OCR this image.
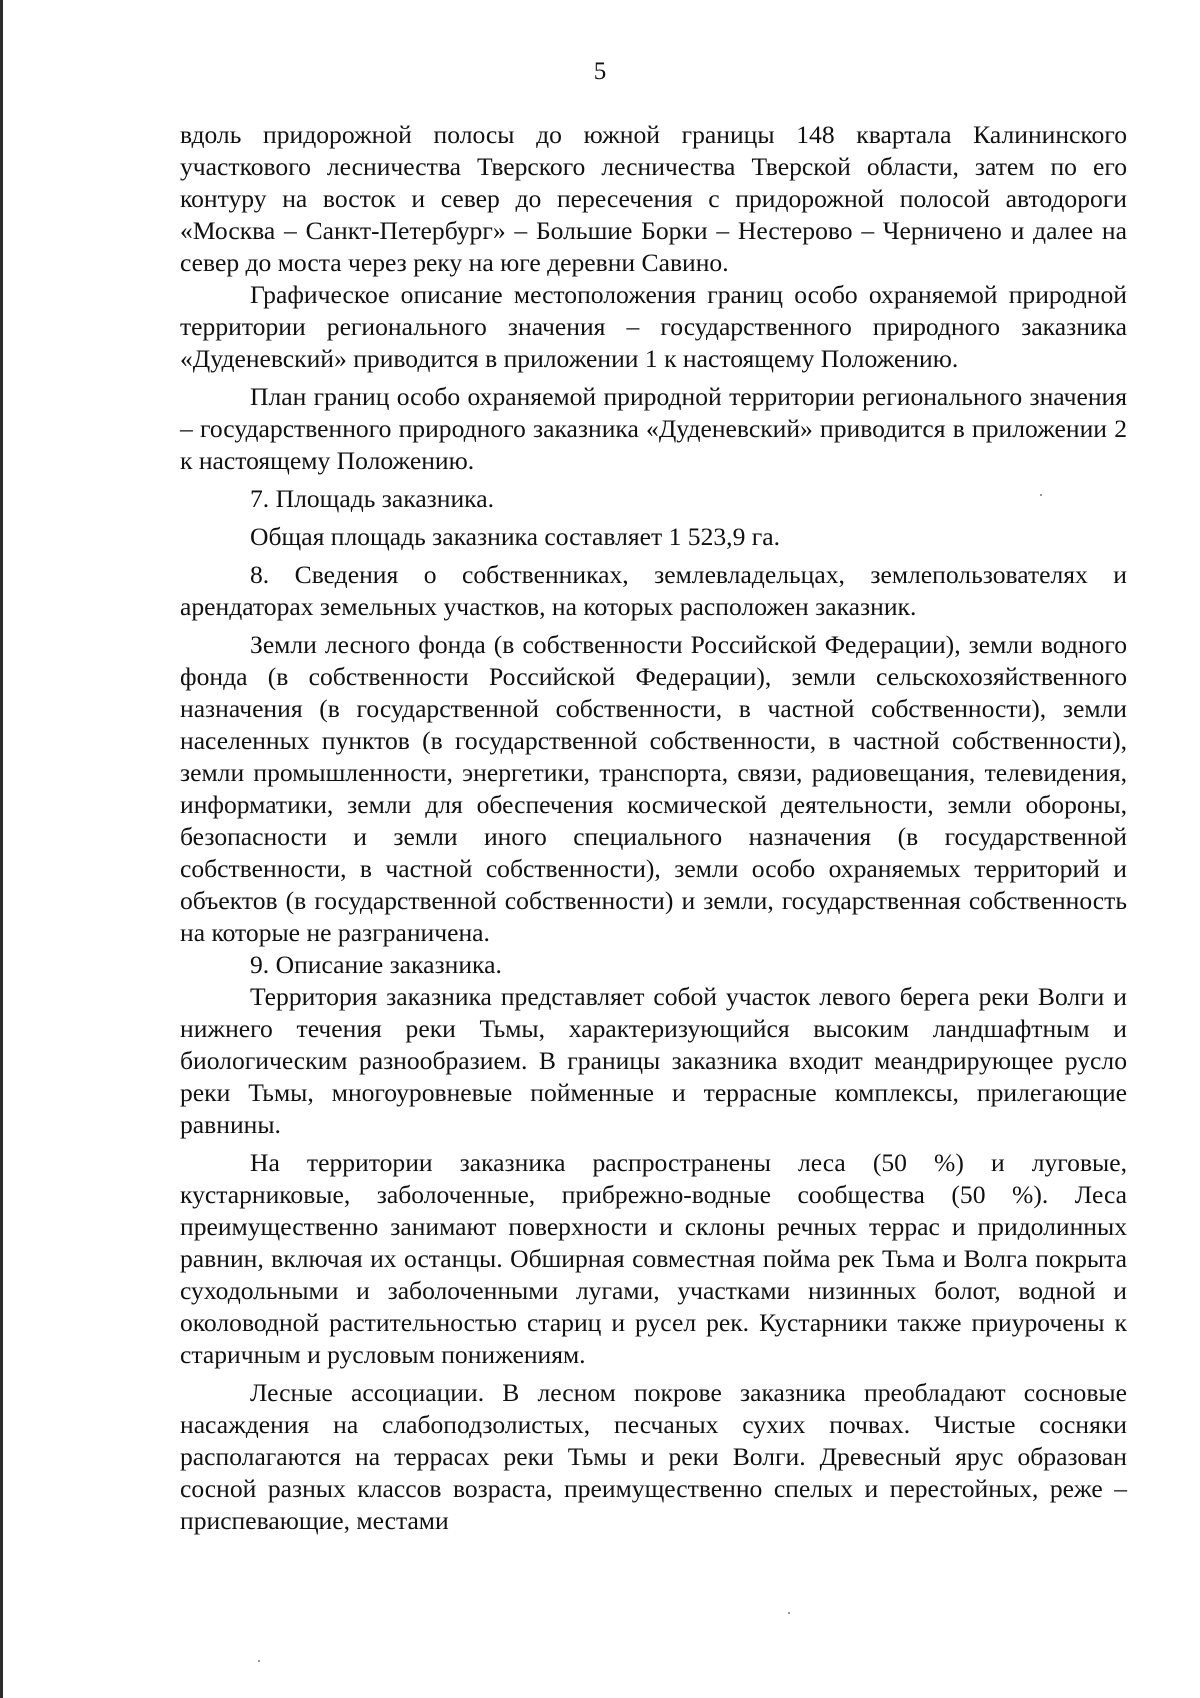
5

вдоль придорожной полосы до южной границы 148 квартала Калининского участкового лесничества Тверского лесничества Тверской области, затем по его контуру на восток и север до пересечения с придорожной полосой автодороги «Москва – Санкт-Петербург» – Большие Борки – Нестерово – Черничено и далее на север до моста через реку на юге деревни Савино.

Графическое описание местоположения границ особо охраняемой природной территории регионального значения – государственного природного заказника «Дуденевский» приводится в приложении 1 к настоящему Положению.

План границ особо охраняемой природной территории регионального значения – государственного природного заказника «Дуденевский» приводится в приложении 2 к настоящему Положению.

7. Площадь заказника.

Общая площадь заказника составляет 1 523,9 га.

8. Сведения о собственниках, землевладельцах, землепользователях и арендаторах земельных участков, на которых расположен заказник.

Земли лесного фонда (в собственности Российской Федерации), земли водного фонда (в собственности Российской Федерации), земли сельскохозяйственного назначения (в государственной собственности, в частной собственности), земли населенных пунктов (в государственной собственности, в частной собственности), земли промышленности, энергетики, транспорта, связи, радиовещания, телевидения, информатики, земли для обеспечения космической деятельности, земли обороны, безопасности и земли иного специального назначения (в государственной собственности, в частной собственности), земли особо охраняемых территорий и объектов (в государственной собственности) и земли, государственная собственность на которые не разграничена.

9. Описание заказника.

Территория заказника представляет собой участок левого берега реки Волги и нижнего течения реки Тьмы, характеризующийся высоким ландшафтным и биологическим разнообразием. В границы заказника входит меандрирующее русло реки Тьмы, многоуровневые пойменные и террасные комплексы, прилегающие равнины.

На территории заказника распространены леса (50 %) и луговые, кустарниковые, заболоченные, прибрежно-водные сообщества (50 %). Леса преимущественно занимают поверхности и склоны речных террас и придолинных равнин, включая их останцы. Обширная совместная пойма рек Тьма и Волга покрыта суходольными и заболоченными лугами, участками низинных болот, водной и околоводной растительностью стариц и русел рек. Кустарники также приурочены к старичным и русловым понижениям.

Лесные ассоциации. В лесном покрове заказника преобладают сосновые насаждения на слабоподзолистых, песчаных сухих почвах. Чистые сосняки располагаются на террасах реки Тьмы и реки Волги. Древесный ярус образован сосной разных классов возраста, преимущественно спелых и перестойных, реже – приспевающие, местами
